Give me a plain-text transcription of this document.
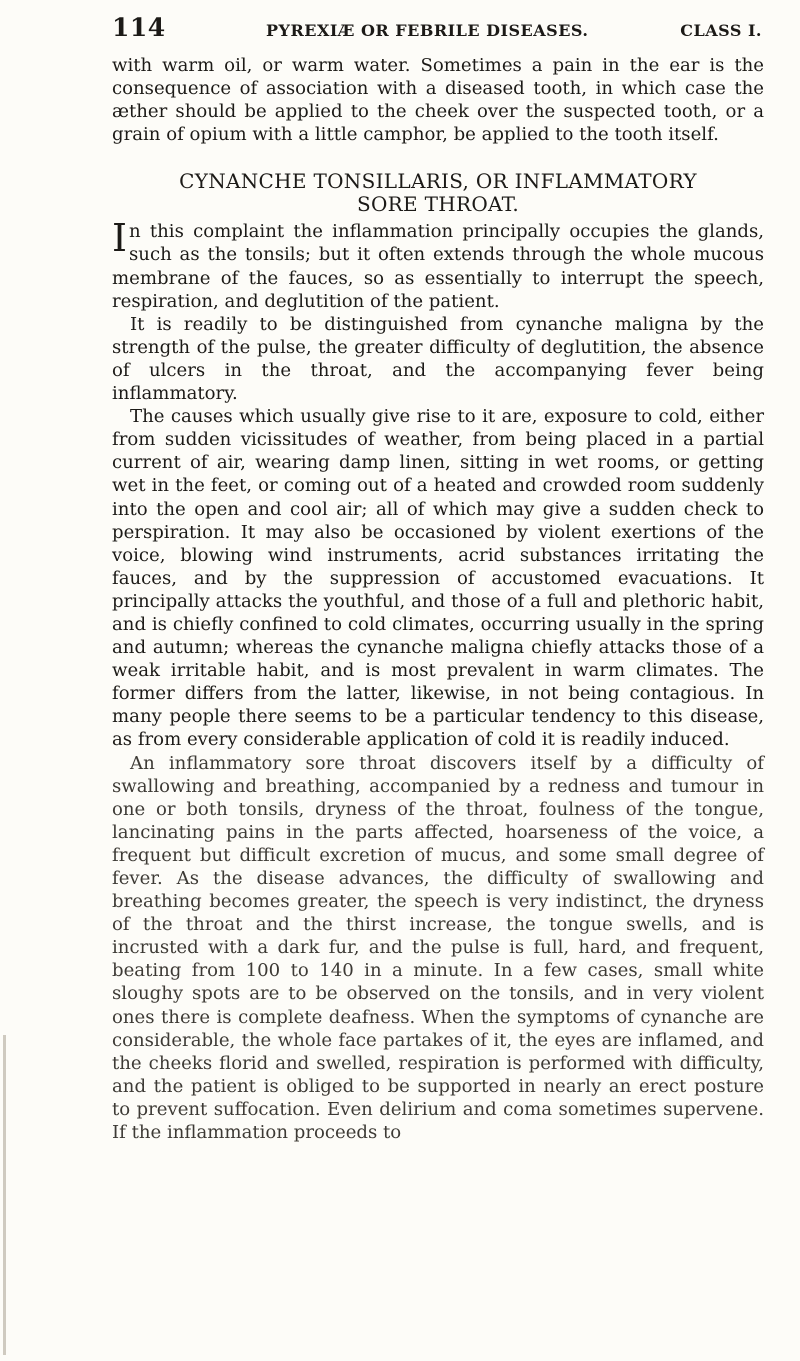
114	PYREXIÆ OR FEBRILE DISEASES.	CLASS I.

with warm oil, or warm water. Sometimes a pain in the ear is the consequence of association with a diseased tooth, in which case the æther should be applied to the cheek over the suspected tooth, or a grain of opium with a little camphor, be applied to the tooth itself.

CYNANCHE TONSILLARIS, OR INFLAMMATORY
SORE THROAT.

In this complaint the inflammation principally occupies the glands, such as the tonsils; but it often extends through the whole mucous membrane of the fauces, so as essentially to interrupt the speech, respiration, and deglutition of the patient.

It is readily to be distinguished from cynanche maligna by the strength of the pulse, the greater difficulty of deglutition, the absence of ulcers in the throat, and the accompanying fever being inflammatory.

The causes which usually give rise to it are, exposure to cold, either from sudden vicissitudes of weather, from being placed in a partial current of air, wearing damp linen, sitting in wet rooms, or getting wet in the feet, or coming out of a heated and crowded room suddenly into the open and cool air; all of which may give a sudden check to perspiration. It may also be occasioned by violent exertions of the voice, blowing wind instruments, acrid substances irritating the fauces, and by the suppression of accustomed evacuations. It principally attacks the youthful, and those of a full and plethoric habit, and is chiefly confined to cold climates, occurring usually in the spring and autumn; whereas the cynanche maligna chiefly attacks those of a weak irritable habit, and is most prevalent in warm climates. The former differs from the latter, likewise, in not being contagious. In many people there seems to be a particular tendency to this disease, as from every considerable application of cold it is readily induced.

An inflammatory sore throat discovers itself by a difficulty of swallowing and breathing, accompanied by a redness and tumour in one or both tonsils, dryness of the throat, foulness of the tongue, lancinating pains in the parts affected, hoarseness of the voice, a frequent but difficult excretion of mucus, and some small degree of fever. As the disease advances, the difficulty of swallowing and breathing becomes greater, the speech is very indistinct, the dryness of the throat and the thirst increase, the tongue swells, and is incrusted with a dark fur, and the pulse is full, hard, and frequent, beating from 100 to 140 in a minute. In a few cases, small white sloughy spots are to be observed on the tonsils, and in very violent ones there is complete deafness. When the symptoms of cynanche are considerable, the whole face partakes of it, the eyes are inflamed, and the cheeks florid and swelled, respiration is performed with difficulty, and the patient is obliged to be supported in nearly an erect posture to prevent suffocation. Even delirium and coma sometimes supervene. If the inflammation proceeds to
